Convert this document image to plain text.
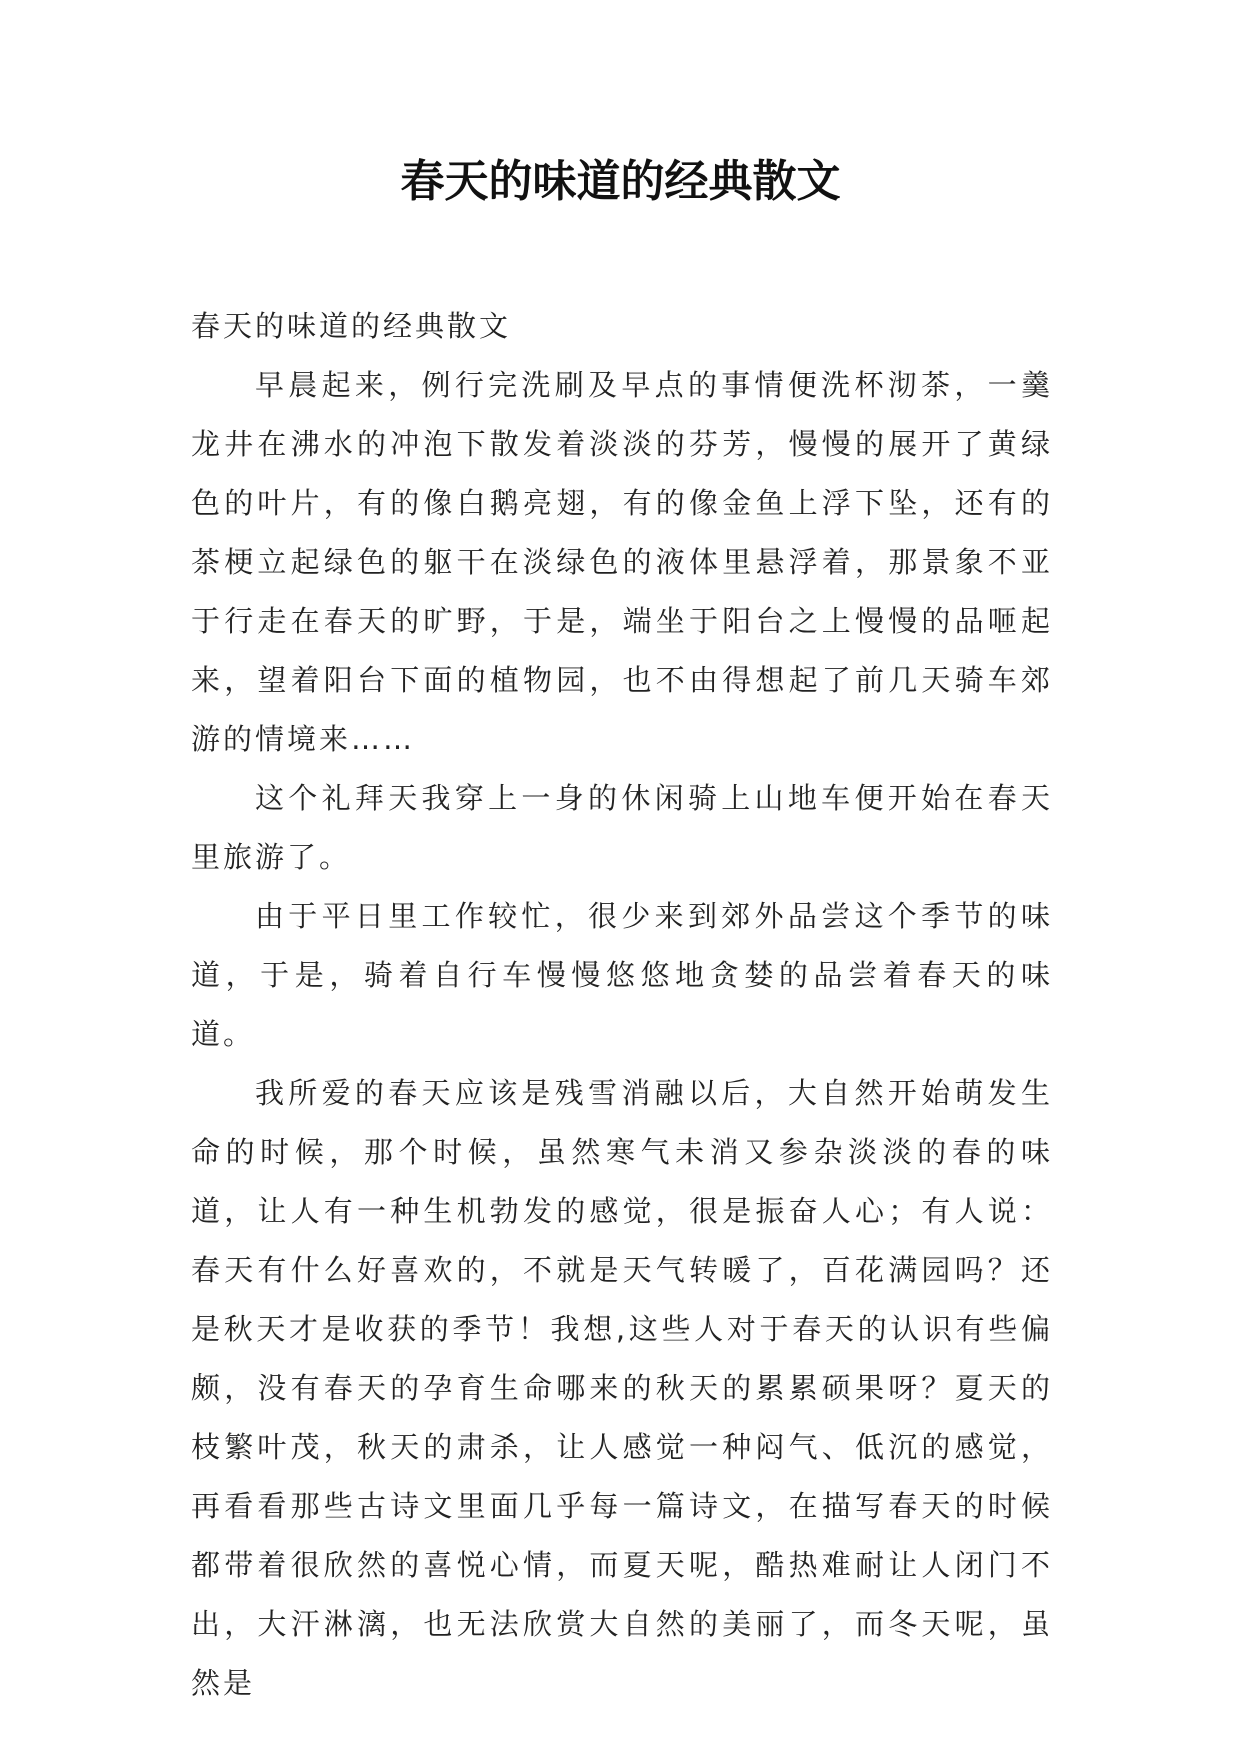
春天的味道的经典散文

春天的味道的经典散文

早晨起来，例行完洗刷及早点的事情便洗杯沏茶，一羹龙井在沸水的冲泡下散发着淡淡的芬芳，慢慢的展开了黄绿色的叶片，有的像白鹅亮翅，有的像金鱼上浮下坠，还有的茶梗立起绿色的躯干在淡绿色的液体里悬浮着，那景象不亚于行走在春天的旷野，于是，端坐于阳台之上慢慢的品咂起来，望着阳台下面的植物园，也不由得想起了前几天骑车郊游的情境来……

这个礼拜天我穿上一身的休闲骑上山地车便开始在春天里旅游了。

由于平日里工作较忙，很少来到郊外品尝这个季节的味道，于是，骑着自行车慢慢悠悠地贪婪的品尝着春天的味道。

我所爱的春天应该是残雪消融以后，大自然开始萌发生命的时候，那个时候，虽然寒气未消又参杂淡淡的春的味道，让人有一种生机勃发的感觉，很是振奋人心；有人说：春天有什么好喜欢的，不就是天气转暖了，百花满园吗？还是秋天才是收获的季节！我想,这些人对于春天的认识有些偏颇，没有春天的孕育生命哪来的秋天的累累硕果呀？夏天的枝繁叶茂，秋天的肃杀，让人感觉一种闷气、低沉的感觉，再看看那些古诗文里面几乎每一篇诗文，在描写春天的时候都带着很欣然的喜悦心情，而夏天呢，酷热难耐让人闭门不出，大汗淋漓，也无法欣赏大自然的美丽了，而冬天呢，虽然是
